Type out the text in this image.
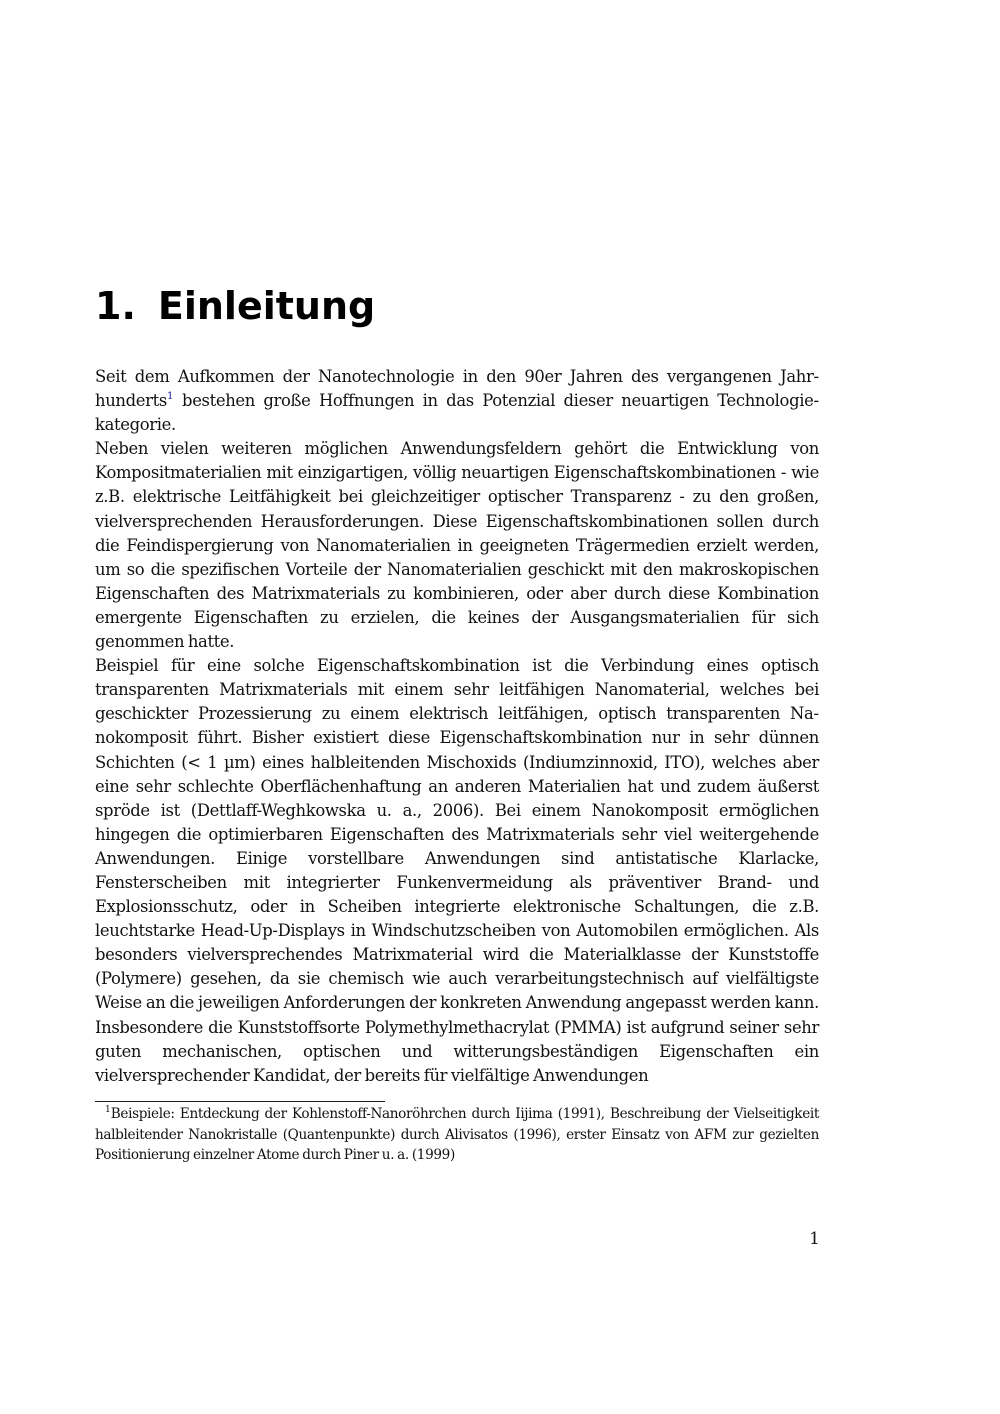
1. Einleitung

Seit dem Aufkommen der Nanotechnologie in den 90er Jahren des vergangenen Jahrhunderts$^1$ bestehen große Hoffnungen in das Potenzial dieser neuartigen Technologiekategorie.

Neben vielen weiteren möglichen Anwendungsfeldern gehört die Entwicklung von Kompositmaterialien mit einzigartigen, völlig neuartigen Eigenschaftskombinationen - wie z.B. elektrische Leitfähigkeit bei gleichzeitiger optischer Transparenz - zu den großen, vielversprechenden Herausforderungen. Diese Eigenschaftskombinationen sollen durch die Feindispergierung von Nanomaterialien in geeigneten Trägermedien erzielt werden, um so die spezifischen Vorteile der Nanomaterialien geschickt mit den makroskopischen Eigenschaften des Matrixmaterials zu kombinieren, oder aber durch diese Kombination emergente Eigenschaften zu erzielen, die keines der Ausgangsmaterialien für sich genommen hatte.

Beispiel für eine solche Eigenschaftskombination ist die Verbindung eines optisch transparenten Matrixmaterials mit einem sehr leitfähigen Nanomaterial, welches bei geschickter Prozessierung zu einem elektrisch leitfähigen, optisch transparenten Nanokomposit führt. Bisher existiert diese Eigenschaftskombination nur in sehr dünnen Schichten (< 1 µm) eines halbleitenden Mischoxids (Indiumzinnoxid, ITO), welches aber eine sehr schlechte Oberflächenhaftung an anderen Materialien hat und zudem äußerst spröde ist (Dettlaff-Weghkowska u. a., 2006). Bei einem Nanokomposit ermöglichen hingegen die optimierbaren Eigenschaften des Matrixmaterials sehr viel weitergehende Anwendungen. Einige vorstellbare Anwendungen sind antistatische Klarlacke, Fensterscheiben mit integrierter Funkenvermeidung als präventiver Brand- und Explosionsschutz, oder in Scheiben integrierte elektronische Schaltungen, die z.B. leuchtstarke Head-Up-Displays in Windschutzscheiben von Automobilen ermöglichen. Als besonders vielversprechendes Matrixmaterial wird die Materialklasse der Kunststoffe (Polymere) gesehen, da sie chemisch wie auch verarbeitungstechnisch auf vielfältigste Weise an die jeweiligen Anforderungen der konkreten Anwendung angepasst werden kann. Insbesondere die Kunststoffsorte Polymethylmethacrylat (PMMA) ist aufgrund seiner sehr guten mechanischen, optischen und witterungsbeständigen Eigenschaften ein vielversprechender Kandidat, der bereits für vielfältige Anwendungen

$^1$Beispiele: Entdeckung der Kohlenstoff-Nanoröhrchen durch Iijima (1991), Beschreibung der Vielseitigkeit halbleitender Nanokristalle (Quantenpunkte) durch Alivisatos (1996), erster Einsatz von AFM zur gezielten Positionierung einzelner Atome durch Piner u. a. (1999)
1
